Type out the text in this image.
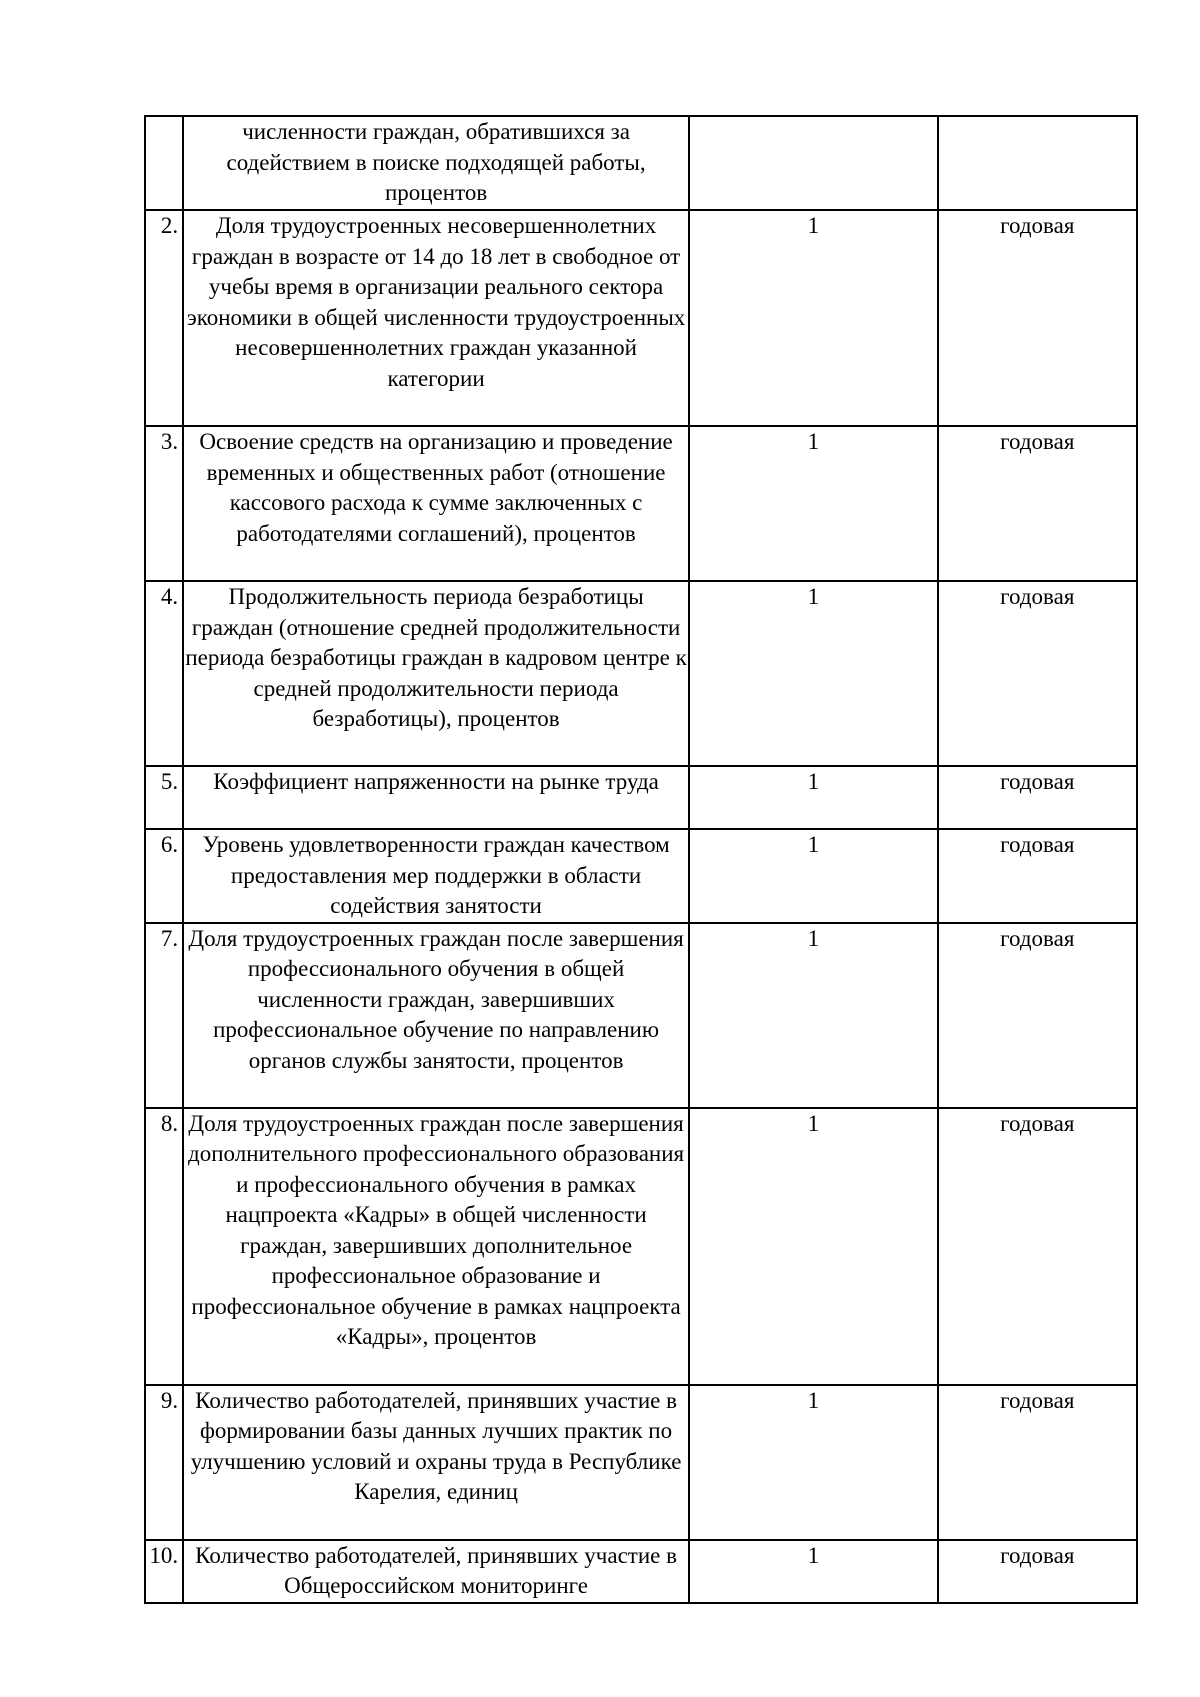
	численности граждан, обратившихся за содействием в поиске подходящей работы, процентов		
2.	Доля трудоустроенных несовершеннолетних граждан в возрасте от 14 до 18 лет в свободное от учебы время в организации реального сектора экономики в общей численности трудоустроенных несовершеннолетних граждан указанной категории	1	годовая
3.	Освоение средств на организацию и проведение временных и общественных работ (отношение кассового расхода к сумме заключенных с работодателями соглашений), процентов	1	годовая
4.	Продолжительность периода безработицы граждан (отношение средней продолжительности периода безработицы граждан в кадровом центре к средней продолжительности периода безработицы), процентов	1	годовая
5.	Коэффициент напряженности на рынке труда	1	годовая
6.	Уровень удовлетворенности граждан качеством предоставления мер поддержки в области содействия занятости	1	годовая
7.	Доля трудоустроенных граждан после завершения профессионального обучения в общей численности граждан, завершивших профессиональное обучение по направлению органов службы занятости, процентов	1	годовая
8.	Доля трудоустроенных граждан после завершения дополнительного профессионального образования и профессионального обучения в рамках нацпроекта «Кадры» в общей численности граждан, завершивших дополнительное профессиональное образование и профессиональное обучение в рамках нацпроекта «Кадры», процентов	1	годовая
9.	Количество работодателей, принявших участие в формировании базы данных лучших практик по улучшению условий и охраны труда в Республике Карелия, единиц	1	годовая
10.	Количество работодателей, принявших участие в Общероссийском мониторинге	1	годовая
